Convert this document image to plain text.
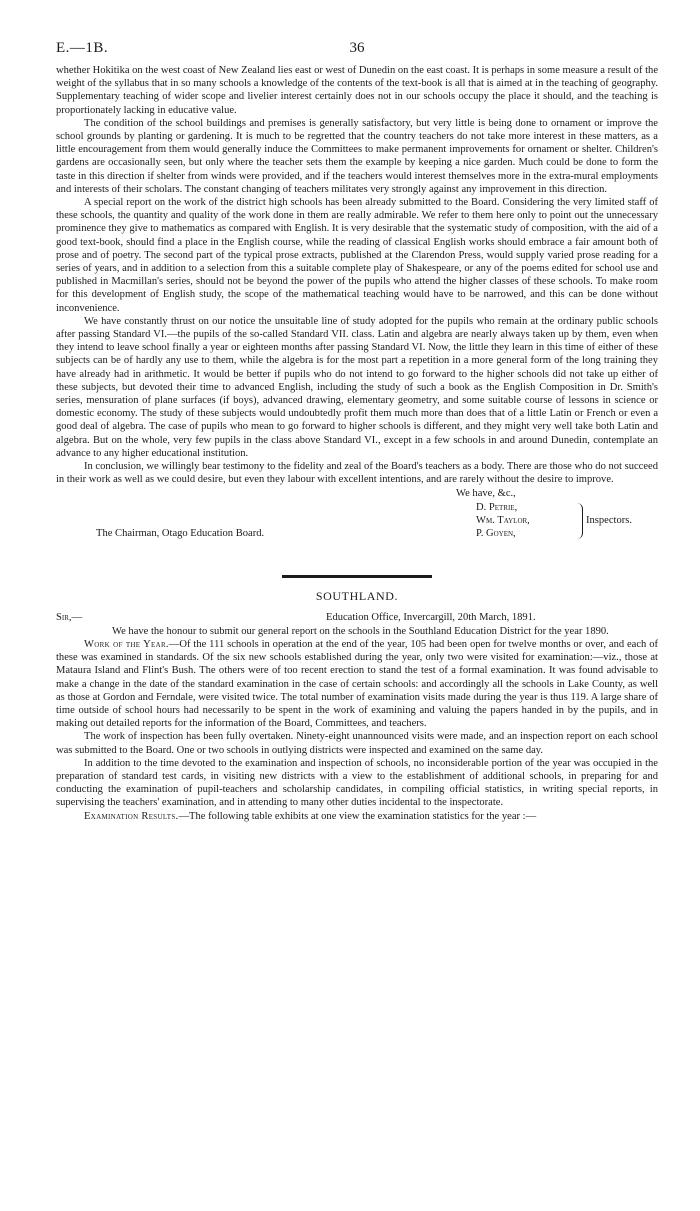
E.—1B.	36

whether Hokitika on the west coast of New Zealand lies east or west of Dunedin on the east coast. It is perhaps in some measure a result of the weight of the syllabus that in so many schools a knowledge of the contents of the text-book is all that is aimed at in the teaching of geography. Supplementary teaching of wider scope and livelier interest certainly does not in our schools occupy the place it should, and the teaching is proportionately lacking in educative value.

The condition of the school buildings and premises is generally satisfactory, but very little is being done to ornament or improve the school grounds by planting or gardening. It is much to be regretted that the country teachers do not take more interest in these matters, as a little encouragement from them would generally induce the Committees to make permanent improvements for ornament or shelter. Children's gardens are occasionally seen, but only where the teacher sets them the example by keeping a nice garden. Much could be done to form the taste in this direction if shelter from winds were provided, and if the teachers would interest themselves more in the extra-mural employments and interests of their scholars. The constant changing of teachers militates very strongly against any improvement in this direction.

A special report on the work of the district high schools has been already submitted to the Board. Considering the very limited staff of these schools, the quantity and quality of the work done in them are really admirable. We refer to them here only to point out the unnecessary prominence they give to mathematics as compared with English. It is very desirable that the systematic study of composition, with the aid of a good text-book, should find a place in the English course, while the reading of classical English works should embrace a fair amount both of prose and of poetry. The second part of the typical prose extracts, published at the Clarendon Press, would supply varied prose reading for a series of years, and in addition to a selection from this a suitable complete play of Shakespeare, or any of the poems edited for school use and published in Macmillan's series, should not be beyond the power of the pupils who attend the higher classes of these schools. To make room for this development of English study, the scope of the mathematical teaching would have to be narrowed, and this can be done without inconvenience.

We have constantly thrust on our notice the unsuitable line of study adopted for the pupils who remain at the ordinary public schools after passing Standard VI.—the pupils of the so-called Standard VII. class. Latin and algebra are nearly always taken up by them, even when they intend to leave school finally a year or eighteen months after passing Standard VI. Now, the little they learn in this time of either of these subjects can be of hardly any use to them, while the algebra is for the most part a repetition in a more general form of the long training they have already had in arithmetic. It would be better if pupils who do not intend to go forward to the higher schools did not take up either of these subjects, but devoted their time to advanced English, including the study of such a book as the English Composition in Dr. Smith's series, mensuration of plane surfaces (if boys), advanced drawing, elementary geometry, and some suitable course of lessons in science or domestic economy. The study of these subjects would undoubtedly profit them much more than does that of a little Latin or French or even a good deal of algebra. The case of pupils who mean to go forward to higher schools is different, and they might very well take both Latin and algebra. But on the whole, very few pupils in the class above Standard VI., except in a few schools in and around Dunedin, contemplate an advance to any higher educational institution.

In conclusion, we willingly bear testimony to the fidelity and zeal of the Board's teachers as a body. There are those who do not succeed in their work as well as we could desire, but even they labour with excellent intentions, and are rarely without the desire to improve.

We have, &c.,
D. Petrie,
Wm. Taylor,
P. Goyen,
Inspectors.
The Chairman, Otago Education Board.
SOUTHLAND.
Sir,—	Education Office, Invercargill, 20th March, 1891.

We have the honour to submit our general report on the schools in the Southland Education District for the year 1890.

Work of the Year.—Of the 111 schools in operation at the end of the year, 105 had been open for twelve months or over, and each of these was examined in standards. Of the six new schools established during the year, only two were visited for examination:—viz., those at Mataura Island and Flint's Bush. The others were of too recent erection to stand the test of a formal examination. It was found advisable to make a change in the date of the standard examination in the case of certain schools: and accordingly all the schools in Lake County, as well as those at Gordon and Ferndale, were visited twice. The total number of examination visits made during the year is thus 119. A large share of time outside of school hours had necessarily to be spent in the work of examining and valuing the papers handed in by the pupils, and in making out detailed reports for the information of the Board, Committees, and teachers.

The work of inspection has been fully overtaken. Ninety-eight unannounced visits were made, and an inspection report on each school was submitted to the Board. One or two schools in outlying districts were inspected and examined on the same day.

In addition to the time devoted to the examination and inspection of schools, no inconsiderable portion of the year was occupied in the preparation of standard test cards, in visiting new districts with a view to the establishment of additional schools, in preparing for and conducting the examination of pupil-teachers and scholarship candidates, in compiling official statistics, in writing special reports, in supervising the teachers' examination, and in attending to many other duties incidental to the inspectorate.

Examination Results.—The following table exhibits at one view the examination statistics for the year :—
